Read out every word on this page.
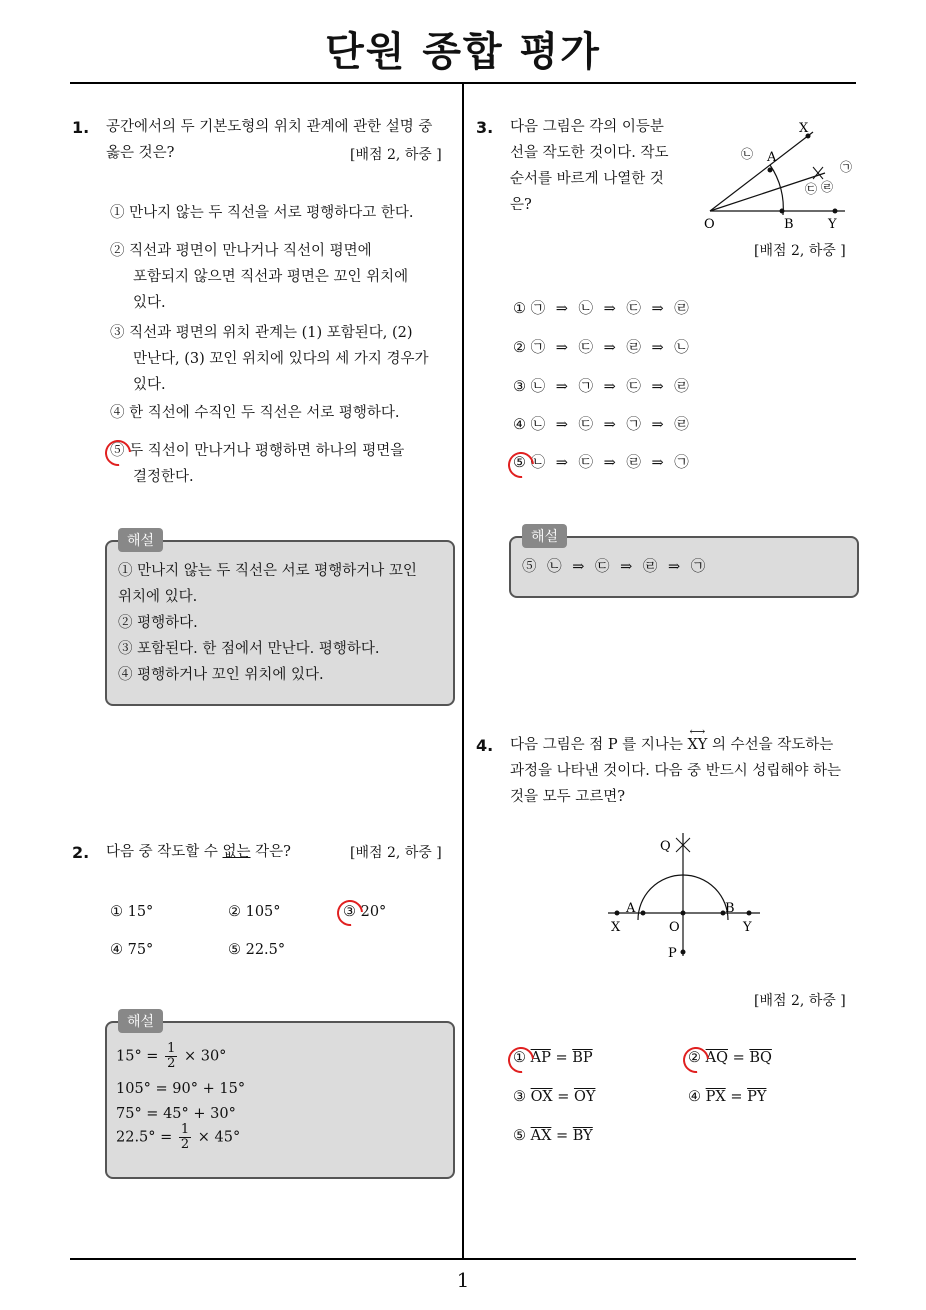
단원 종합 평가
1
1. 공간에서의 두 기본도형의 위치 관계에 관한 설명 중
옳은 것은?	[배점 2, 하중 ]
① 만나지 않는 두 직선을 서로 평행하다고 한다.
② 직선과 평면이 만나거나 직선이 평면에
포함되지 않으면 직선과 평면은 꼬인 위치에
있다.
③ 직선과 평면의 위치 관계는 (1) 포함된다, (2)
만난다, (3) 꼬인 위치에 있다의 세 가지 경우가
있다.
④ 한 직선에 수직인 두 직선은 서로 평행하다.
⑤ 두 직선이 만나거나 평행하면 하나의 평면을
결정한다.
해설
① 만나지 않는 두 직선은 서로 평행하거나 꼬인
위치에 있다.
② 평행하다.
③ 포함된다. 한 점에서 만난다. 평행하다.
④ 평행하거나 꼬인 위치에 있다.
2. 다음 중 작도할 수 없는 각은?	[배점 2, 하중 ]
① 15°	② 105°	③ 20°
④ 75°	⑤ 22.5°
해설
$15^\circ = \frac{1}{2} \times 30^\circ$
105° = 90° + 15°
75° = 45° + 30°
$22.5^\circ = \frac{1}{2} \times 45^\circ$
3. 다음 그림은 각의 이등분
선을 작도한 것이다. 작도
순서를 바르게 나열한 것
은?
X
A
O	B	Y
㉠
㉡
㉢ ㉣
[배점 2, 하중 ]
① ㉠ ⇒ ㉡ ⇒ ㉢ ⇒ ㉣
② ㉠ ⇒ ㉢ ⇒ ㉣ ⇒ ㉡
③ ㉡ ⇒ ㉠ ⇒ ㉢ ⇒ ㉣
④ ㉡ ⇒ ㉢ ⇒ ㉠ ⇒ ㉣
⑤ ㉡ ⇒ ㉢ ⇒ ㉣ ⇒ ㉠
해설
⑤ ㉡ ⇒ ㉢ ⇒ ㉣ ⇒ ㉠
4. 다음 그림은 점 P 를 지나는
⟷
XY 의 수선을 작도하는
과정을 나타낸 것이다. 다음 중 반드시 성립해야 하는
것을 모두 고르면?
Q
A	B
X	O	Y
P
[배점 2, 하중 ]
① $\overline{AP} = \overline{BP}$	② $\overline{AQ} = \overline{BQ}$
③ $\overline{OX} = \overline{OY}$	④ $\overline{PX} = \overline{PY}$
⑤ $\overline{AX} = \overline{BY}$
